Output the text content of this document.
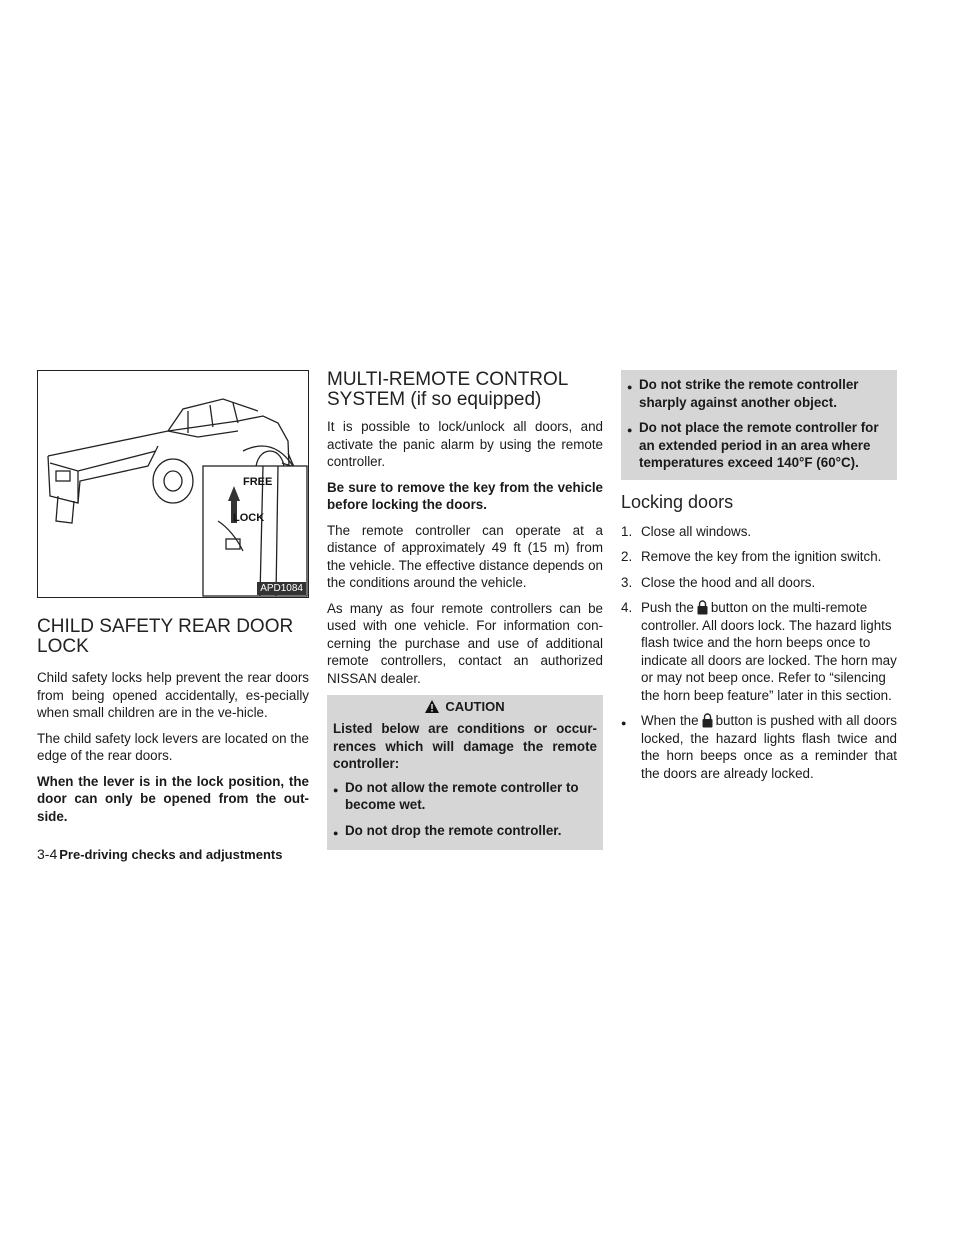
FREE
LOCK
APD1084
CHILD SAFETY REAR DOOR LOCK

Child safety locks help prevent the rear doors from being opened accidentally, es-pecially when small children are in the ve-hicle.

The child safety lock levers are located on the edge of the rear doors.

When the lever is in the lock position, the door can only be opened from the out-side.

MULTI-REMOTE CONTROL SYSTEM (if so equipped)

It is possible to lock/unlock all doors, and activate the panic alarm by using the remote controller.

Be sure to remove the key from the vehicle before locking the doors.

The remote controller can operate at a distance of approximately 49 ft (15 m) from the vehicle. The effective distance depends on the conditions around the vehicle.

As many as four remote controllers can be used with one vehicle. For information con-cerning the purchase and use of additional remote controllers, contact an authorized NISSAN dealer.

CAUTION

Listed below are conditions or occur-rences which will damage the remote controller:

● Do not allow the remote controller to become wet.
● Do not drop the remote controller.
● Do not strike the remote controller sharply against another object.
● Do not place the remote controller for an extended period in an area where temperatures exceed 140°F (60°C).
Locking doors
1. Close all windows.
2. Remove the key from the ignition switch.
3. Close the hood and all doors.
4. Push the button on the multi-remote controller. All doors lock. The hazard lights flash twice and the horn beeps once to indicate all doors are locked. The horn may or may not beep once. Refer to “silencing the horn beep feature” later in this section.
●	When the button is pushed with all doors locked, the hazard lights flash twice and the horn beeps once as a reminder that the doors are already locked.
3-4 Pre-driving checks and adjustments
